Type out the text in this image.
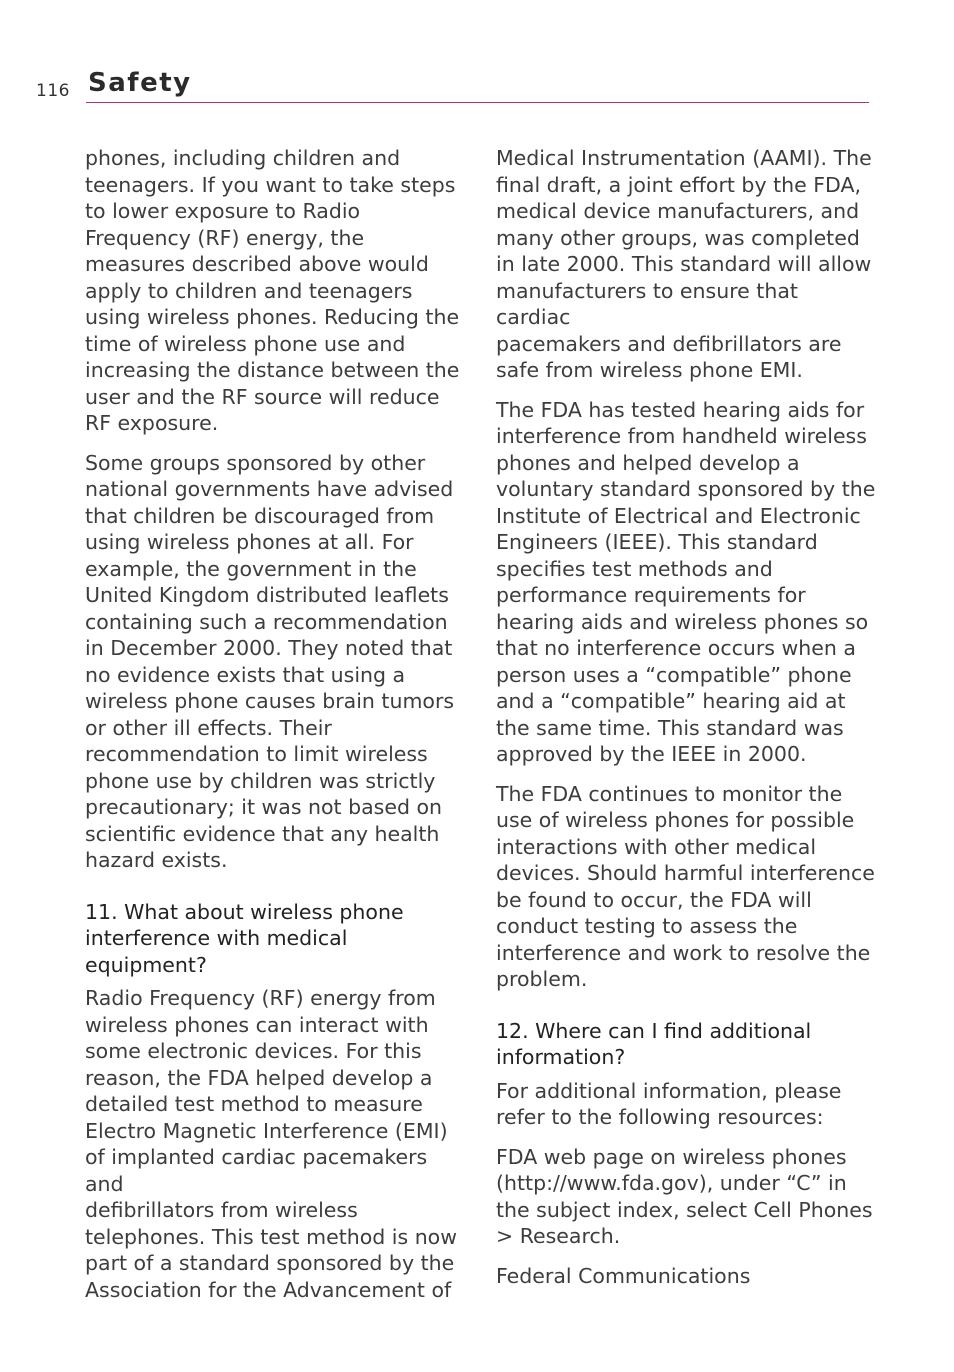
116 Safety

phones, including children and
teenagers. If you want to take steps
to lower exposure to Radio
Frequency (RF) energy, the
measures described above would
apply to children and teenagers
using wireless phones. Reducing the
time of wireless phone use and
increasing the distance between the
user and the RF source will reduce
RF exposure.

Some groups sponsored by other
national governments have advised
that children be discouraged from
using wireless phones at all. For
example, the government in the
United Kingdom distributed leaflets
containing such a recommendation
in December 2000. They noted that
no evidence exists that using a
wireless phone causes brain tumors
or other ill effects. Their
recommendation to limit wireless
phone use by children was strictly
precautionary; it was not based on
scientific evidence that any health
hazard exists.

11. What about wireless phone
interference with medical
equipment?

Radio Frequency (RF) energy from
wireless phones can interact with
some electronic devices. For this
reason, the FDA helped develop a
detailed test method to measure
Electro Magnetic Interference (EMI)
of implanted cardiac pacemakers and
defibrillators from wireless
telephones. This test method is now
part of a standard sponsored by the
Association for the Advancement of

Medical Instrumentation (AAMI). The
final draft, a joint effort by the FDA,
medical device manufacturers, and
many other groups, was completed
in late 2000. This standard will allow
manufacturers to ensure that cardiac
pacemakers and defibrillators are
safe from wireless phone EMI.

The FDA has tested hearing aids for
interference from handheld wireless
phones and helped develop a
voluntary standard sponsored by the
Institute of Electrical and Electronic
Engineers (IEEE). This standard
specifies test methods and
performance requirements for
hearing aids and wireless phones so
that no interference occurs when a
person uses a “compatible” phone
and a “compatible” hearing aid at
the same time. This standard was
approved by the IEEE in 2000.

The FDA continues to monitor the
use of wireless phones for possible
interactions with other medical
devices. Should harmful interference
be found to occur, the FDA will
conduct testing to assess the
interference and work to resolve the
problem.

12. Where can I find additional
information?

For additional information, please
refer to the following resources:

FDA web page on wireless phones
(http://www.fda.gov), under “C” in
the subject index, select Cell Phones
> Research.

Federal Communications
